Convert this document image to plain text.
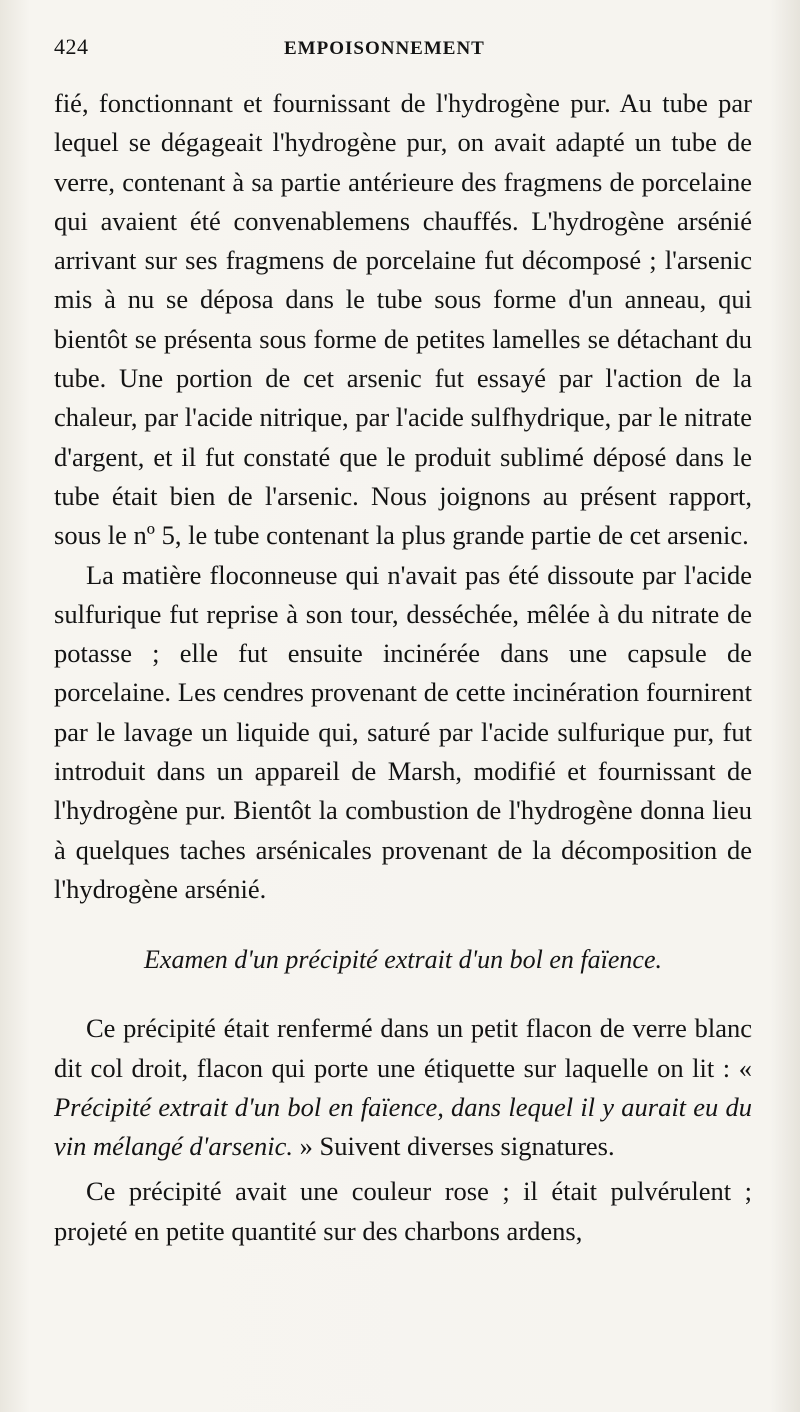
424	EMPOISONNEMENT

fié, fonctionnant et fournissant de l'hydrogène pur. Au tube par lequel se dégageait l'hydrogène pur, on avait adapté un tube de verre, contenant à sa partie antérieure des fragmens de porcelaine qui avaient été convenablemens chauffés. L'hydrogène arsénié arrivant sur ses fragmens de porcelaine fut décomposé ; l'arsenic mis à nu se déposa dans le tube sous forme d'un anneau, qui bientôt se présenta sous forme de petites lamelles se détachant du tube. Une portion de cet arsenic fut essayé par l'action de la chaleur, par l'acide nitrique, par l'acide sulfhydrique, par le nitrate d'argent, et il fut constaté que le produit sublimé déposé dans le tube était bien de l'arsenic. Nous joignons au présent rapport, sous le nº 5, le tube contenant la plus grande partie de cet arsenic.

La matière floconneuse qui n'avait pas été dissoute par l'acide sulfurique fut reprise à son tour, desséchée, mêlée à du nitrate de potasse ; elle fut ensuite incinérée dans une capsule de porcelaine. Les cendres provenant de cette incinération fournirent par le lavage un liquide qui, saturé par l'acide sulfurique pur, fut introduit dans un appareil de Marsh, modifié et fournissant de l'hydrogène pur. Bientôt la combustion de l'hydrogène donna lieu à quelques taches arsénicales provenant de la décomposition de l'hydrogène arsénié.

Examen d'un précipité extrait d'un bol en faïence.

Ce précipité était renfermé dans un petit flacon de verre blanc dit col droit, flacon qui porte une étiquette sur laquelle on lit : « Précipité extrait d'un bol en faïence, dans lequel il y aurait eu du vin mélangé d'arsenic. » Suivent diverses signatures.

Ce précipité avait une couleur rose ; il était pulvérulent ; projeté en petite quantité sur des charbons ardens,
